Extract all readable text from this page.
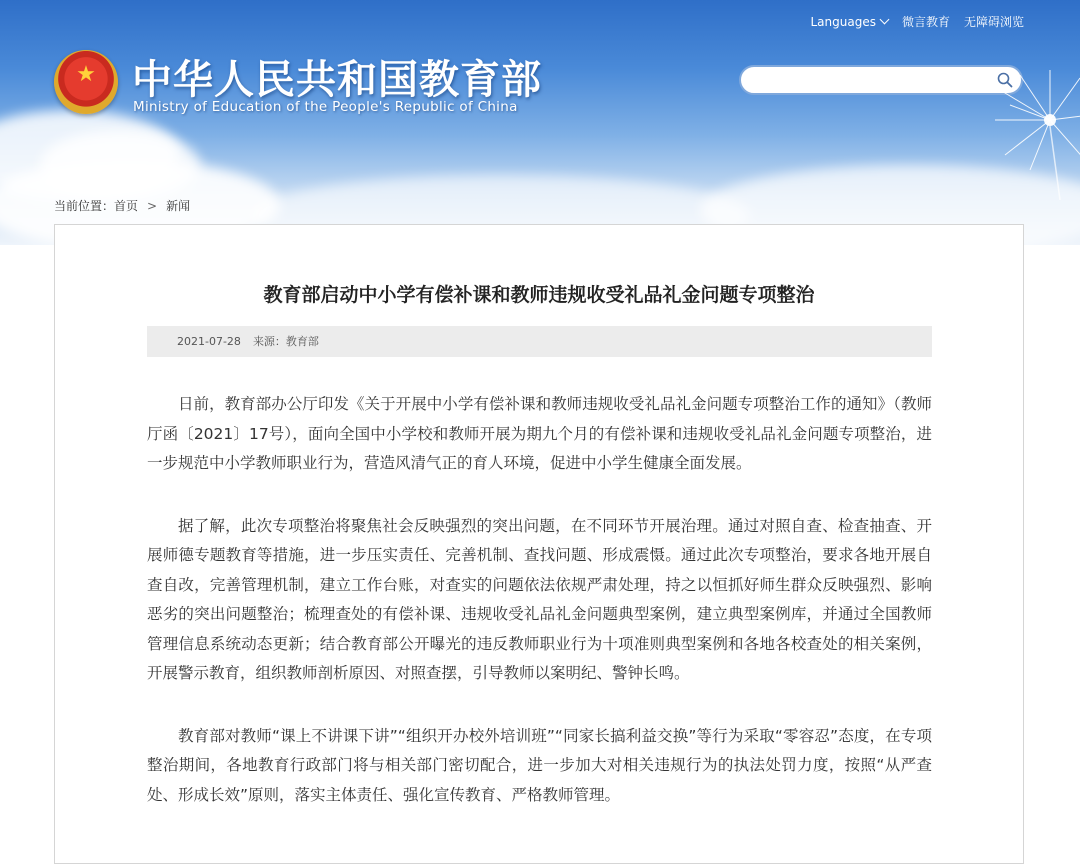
Languages	微言教育 无障碍浏览
★
中华人民共和国教育部
Ministry of Education of the People's Republic of China
当前位置：首页 > 新闻
教育部启动中小学有偿补课和教师违规收受礼品礼金问题专项整治
2021-07-28 来源：教育部

日前，教育部办公厅印发《关于开展中小学有偿补课和教师违规收受礼品礼金问题专项整治工作的通知》（教师厅函〔2021〕17号），面向全国中小学校和教师开展为期九个月的有偿补课和违规收受礼品礼金问题专项整治，进一步规范中小学教师职业行为，营造风清气正的育人环境，促进中小学生健康全面发展。

据了解，此次专项整治将聚焦社会反映强烈的突出问题，在不同环节开展治理。通过对照自查、检查抽查、开展师德专题教育等措施，进一步压实责任、完善机制、查找问题、形成震慑。通过此次专项整治，要求各地开展自查自改，完善管理机制，建立工作台账，对查实的问题依法依规严肃处理，持之以恒抓好师生群众反映强烈、影响恶劣的突出问题整治；梳理查处的有偿补课、违规收受礼品礼金问题典型案例，建立典型案例库，并通过全国教师管理信息系统动态更新；结合教育部公开曝光的违反教师职业行为十项准则典型案例和各地各校查处的相关案例，开展警示教育，组织教师剖析原因、对照查摆，引导教师以案明纪、警钟长鸣。

教育部对教师“课上不讲课下讲”“组织开办校外培训班”“同家长搞利益交换”等行为采取“零容忍”态度，在专项整治期间，各地教育行政部门将与相关部门密切配合，进一步加大对相关违规行为的执法处罚力度，按照“从严查处、形成长效”原则，落实主体责任、强化宣传教育、严格教师管理。
